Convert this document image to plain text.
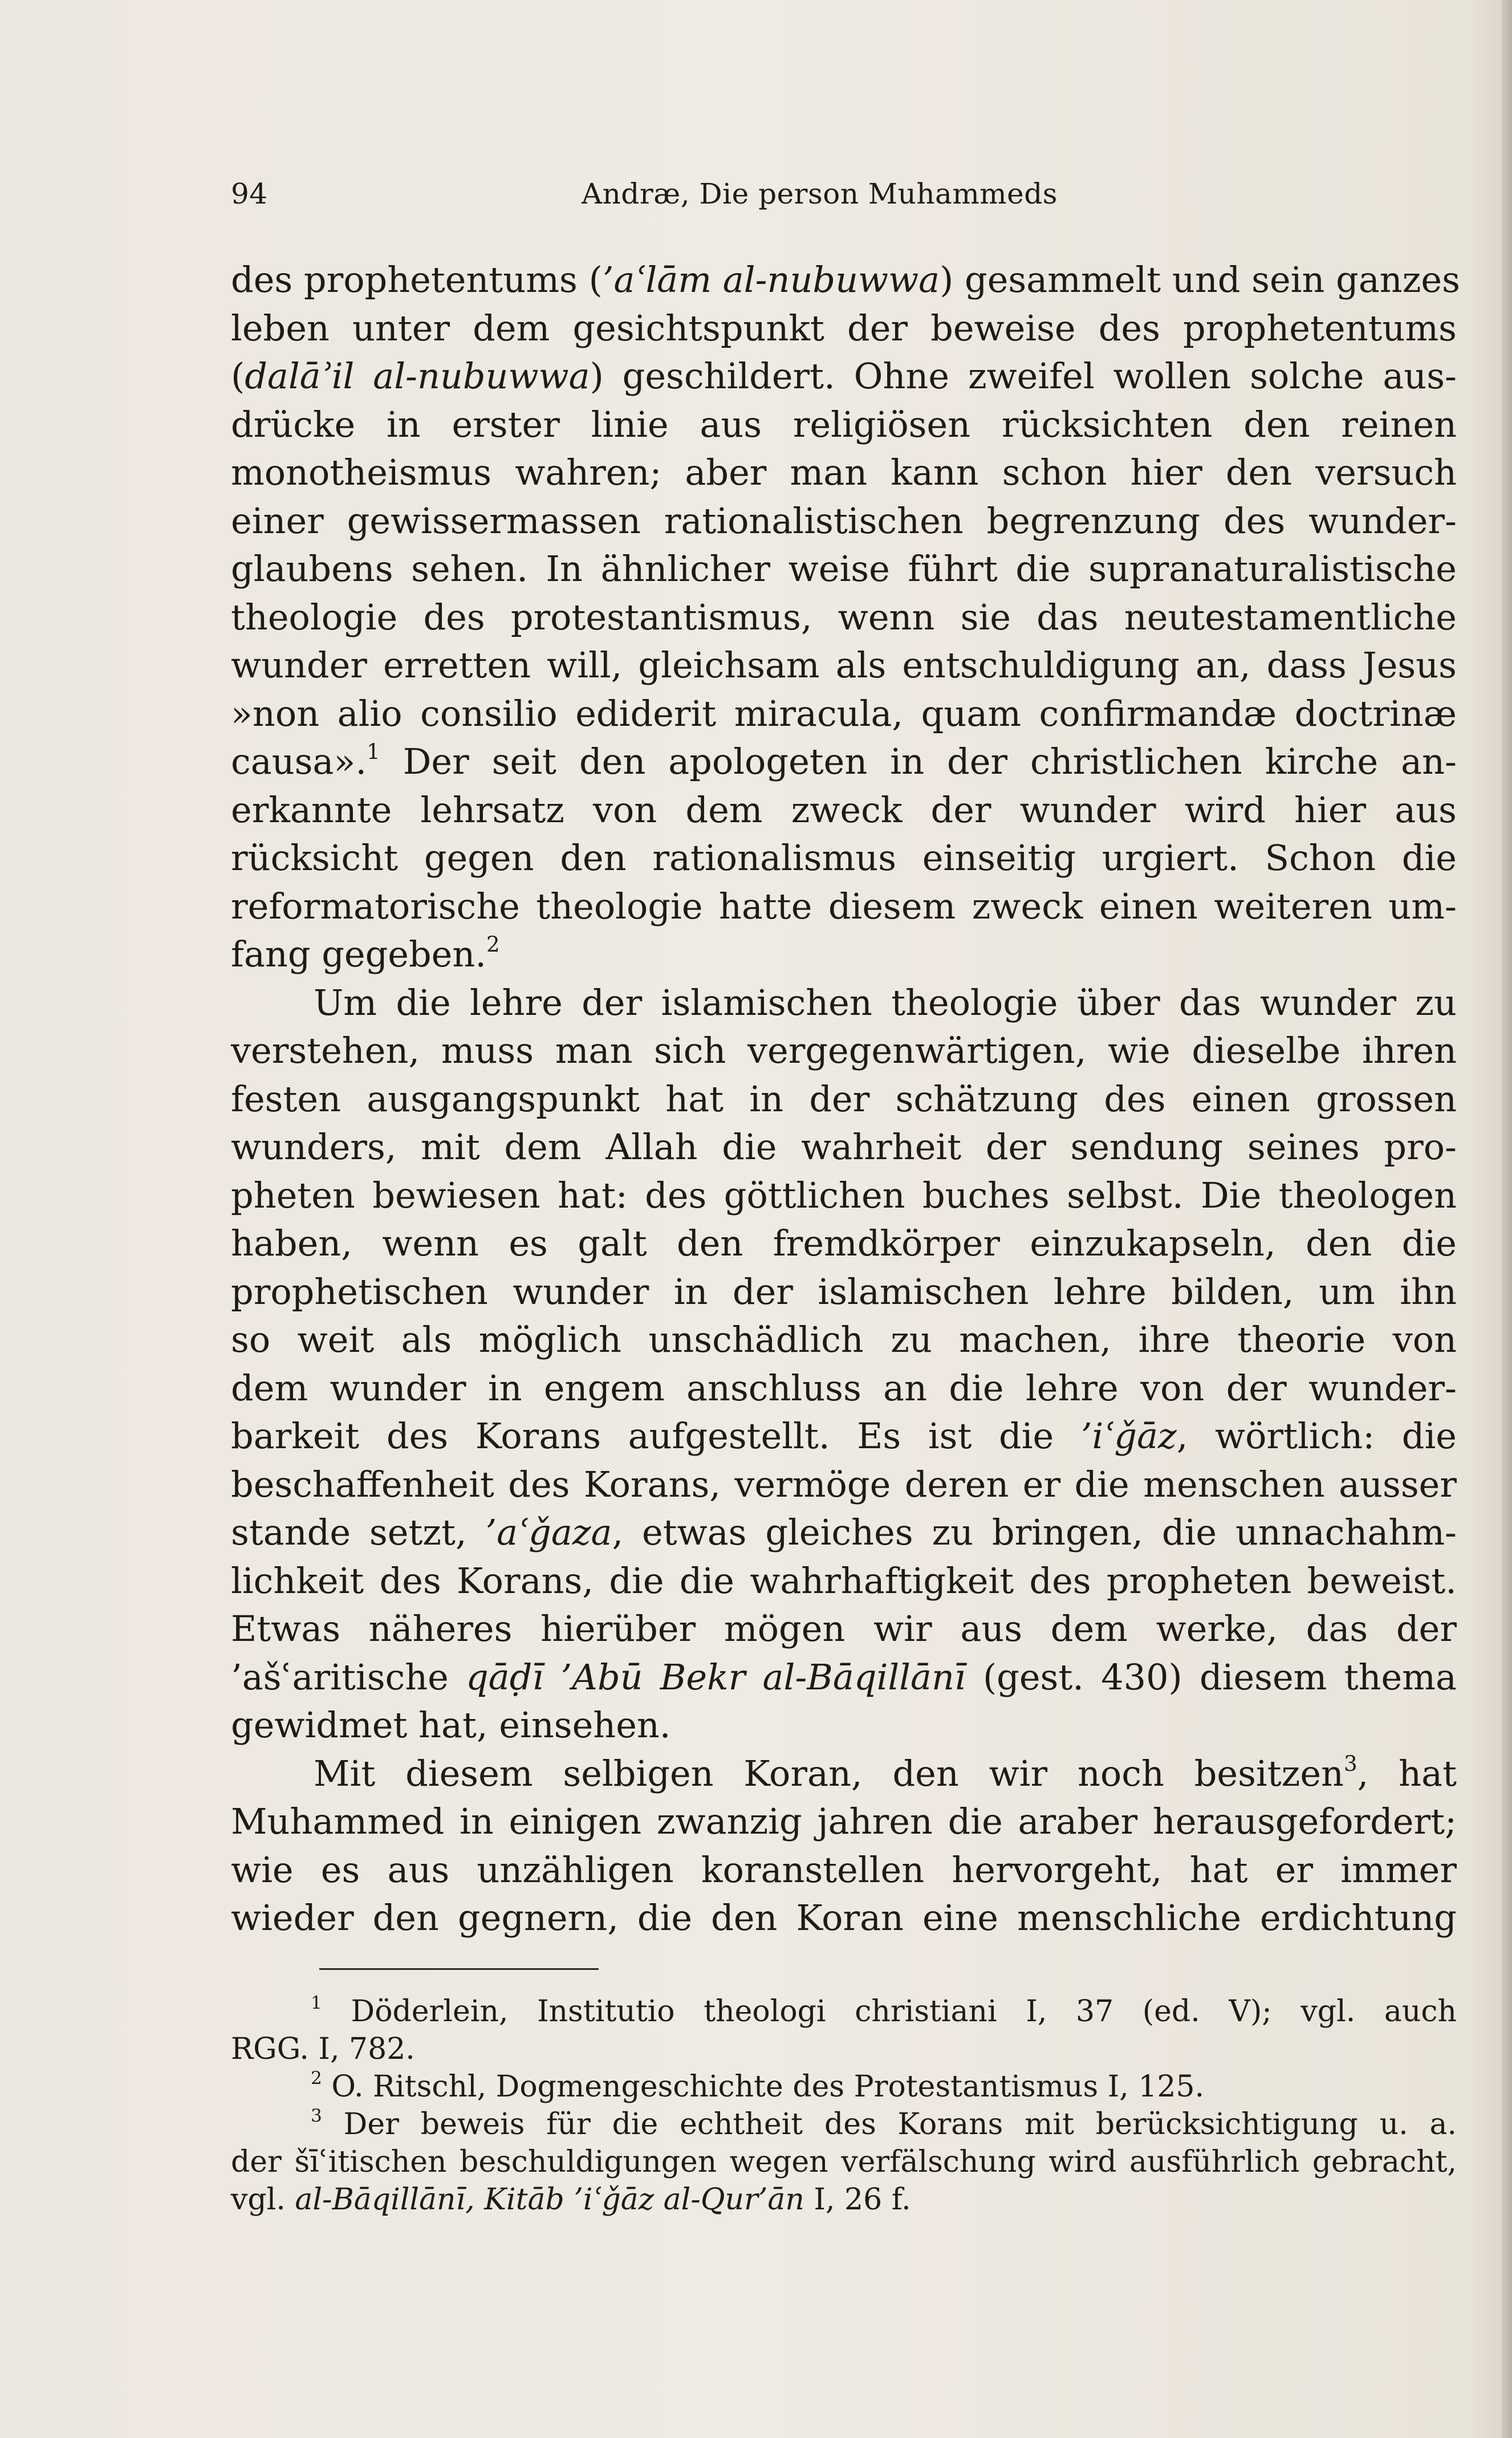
94	Andræ, Die person Muhammeds
des prophetentums (’aʿlām al-nubuwwa) gesammelt und sein ganzes
leben unter dem gesichtspunkt der beweise des prophetentums
(dalāʾil al-nubuwwa) geschildert. Ohne zweifel wollen solche aus-
drücke in erster linie aus religiösen rücksichten den reinen
monotheismus wahren; aber man kann schon hier den versuch
einer gewissermassen rationalistischen begrenzung des wunder-
glaubens sehen. In ähnlicher weise führt die supranaturalistische
theologie des protestantismus, wenn sie das neutestamentliche
wunder erretten will, gleichsam als entschuldigung an, dass Jesus
»non alio consilio ediderit miracula, quam confirmandæ doctrinæ
causa».$^1$ Der seit den apologeten in der christlichen kirche an-
erkannte lehrsatz von dem zweck der wunder wird hier aus
rücksicht gegen den rationalismus einseitig urgiert. Schon die
reformatorische theologie hatte diesem zweck einen weiteren um-
fang gegeben.$^2$
Um die lehre der islamischen theologie über das wunder zu
verstehen, muss man sich vergegenwärtigen, wie dieselbe ihren
festen ausgangspunkt hat in der schätzung des einen grossen
wunders, mit dem Allah die wahrheit der sendung seines pro-
pheten bewiesen hat: des göttlichen buches selbst. Die theologen
haben, wenn es galt den fremdkörper einzukapseln, den die
prophetischen wunder in der islamischen lehre bilden, um ihn
so weit als möglich unschädlich zu machen, ihre theorie von
dem wunder in engem anschluss an die lehre von der wunder-
barkeit des Korans aufgestellt. Es ist die ’iʿǧāz, wörtlich: die
beschaffenheit des Korans, vermöge deren er die menschen ausser
stande setzt, ’aʿǧaza, etwas gleiches zu bringen, die unnachahm-
lichkeit des Korans, die die wahrhaftigkeit des propheten beweist.
Etwas näheres hierüber mögen wir aus dem werke, das der
’ašʿaritische qāḍī ’Abū Bekr al-Bāqillānī (gest. 430) diesem thema
gewidmet hat, einsehen.
Mit diesem selbigen Koran, den wir noch besitzen$^3$, hat
Muhammed in einigen zwanzig jahren die araber herausgefordert;
wie es aus unzähligen koranstellen hervorgeht, hat er immer
wieder den gegnern, die den Koran eine menschliche erdichtung
$^1$ Döderlein, Institutio theologi christiani I, 37 (ed. V); vgl. auch
RGG. I, 782.
$^2$ O. Ritschl, Dogmengeschichte des Protestantismus I, 125.
$^3$ Der beweis für die echtheit des Korans mit berücksichtigung u. a.
der šīʿitischen beschuldigungen wegen verfälschung wird ausführlich gebracht,
vgl. al-Bāqillānī, Kitāb ’iʿǧāz al-Qur’ān I, 26 f.
